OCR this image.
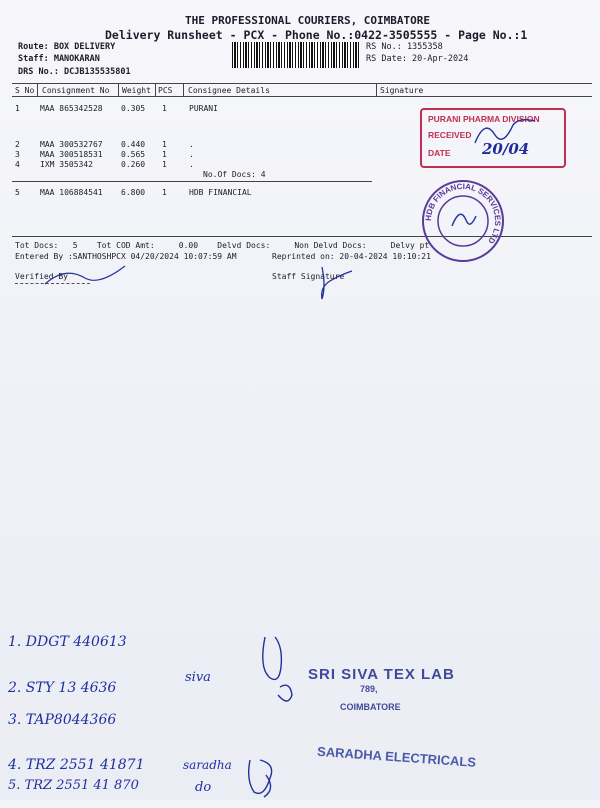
THE PROFESSIONAL COURIERS, COIMBATORE
Delivery Runsheet - PCX - Phone No.:0422-3505555 - Page No.:1
Route: BOX DELIVERY
Staff: MANOKARAN
DRS No.: DCJB135535801
RS No.: 1355358
RS Date: 20-Apr-2024
S No Consignment No Weight PCS Consignee Details	Signature
1	MAA 865342528 0.305 1	PURANI
2	MAA 300532767 0.440 1	.
3	MAA 300518531 0.565 1	.
4	IXM 3505342	0.260 1	.
No.Of Docs: 4
5	MAA 106884541 6.800 1	HDB FINANCIAL
Tot Docs:   5    Tot COD Amt:     0.00    Delvd Docs:     Non Delvd Docs:     Delvy pt
Entered By :SANTHOSHPCX 04/20/2024 10:07:59 AM	Reprinted on: 20-04-2024 10:10:21
Verified By	Staff Signature
PURANI PHARMA DIVISION
RECEIVED
DATE 20/04
HDB FINANCIAL SERVICES LTD
1. DDGT 440613
2. STY 13 4636
3. TAP8044366
4. TRZ 2551 41871
5. TRZ 2551 41 870
siva
saradha
do

SRI SIVA TEX LAB

789,

COIMBATORE

SARADHA ELECTRICALS
